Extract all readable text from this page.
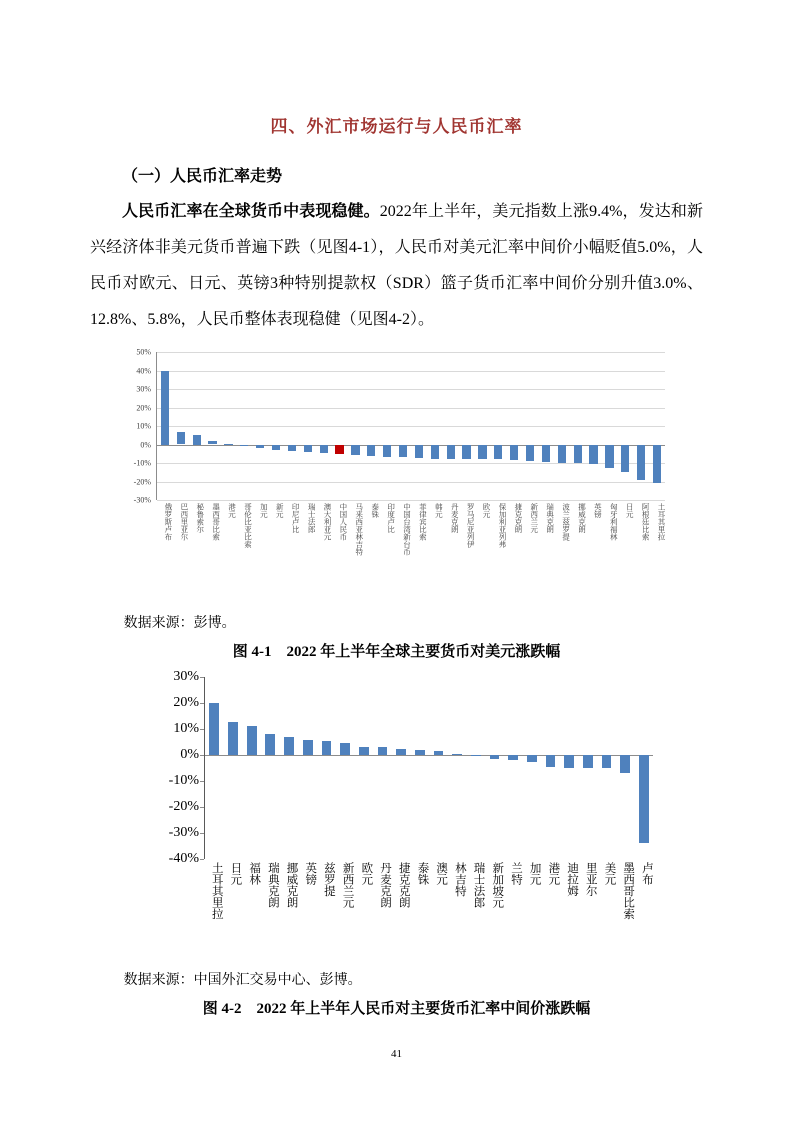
四、外汇市场运行与人民币汇率
（一）人民币汇率走势

人民币汇率在全球货币中表现稳健。2022年上半年，美元指数上涨9.4%，发达和新兴经济体非美元货币普遍下跌（见图4-1），人民币对美元汇率中间价小幅贬值5.0%，人民币对欧元、日元、英镑3种特别提款权（SDR）篮子货币汇率中间价分别升值3.0%、12.8%、5.8%，人民币整体表现稳健（见图4-2）。

50%
40%
30%
20%
10%
0%
-10%
-20%
-30%
俄罗斯卢布 巴西里亚尔 秘鲁索尔 墨西哥比索 港元 哥伦比亚比索 加元 新元 印尼卢比 瑞士法郎 澳大利亚元 中国人民币 马来西亚林吉特 泰铢 印度卢比 中国台湾新台币 菲律宾比索 韩元 丹麦克朗 罗马尼亚列伊 欧元 保加利亚列弗 捷克克朗 新西兰元 瑞典克朗 波兰兹罗提 挪威克朗 英镑 匈牙利福林 日元 阿根廷比索 土耳其里拉

数据来源：彭博。

图 4-1　2022 年上半年全球主要货币对美元涨跌幅

30%
20%
10%
0%
-10%
-20%
-30%
-40%
土耳其里拉 日元 福林 瑞典克朗 挪威克朗 英镑 兹罗提 新西兰元 欧元 丹麦克朗 捷克克朗 泰铢 澳元 林吉特 瑞士法郎 新加坡元 兰特 加元 港元 迪拉姆 里亚尔 美元 墨西哥比索 卢布

数据来源：中国外汇交易中心、彭博。

图 4-2　2022 年上半年人民币对主要货币汇率中间价涨跌幅

41
